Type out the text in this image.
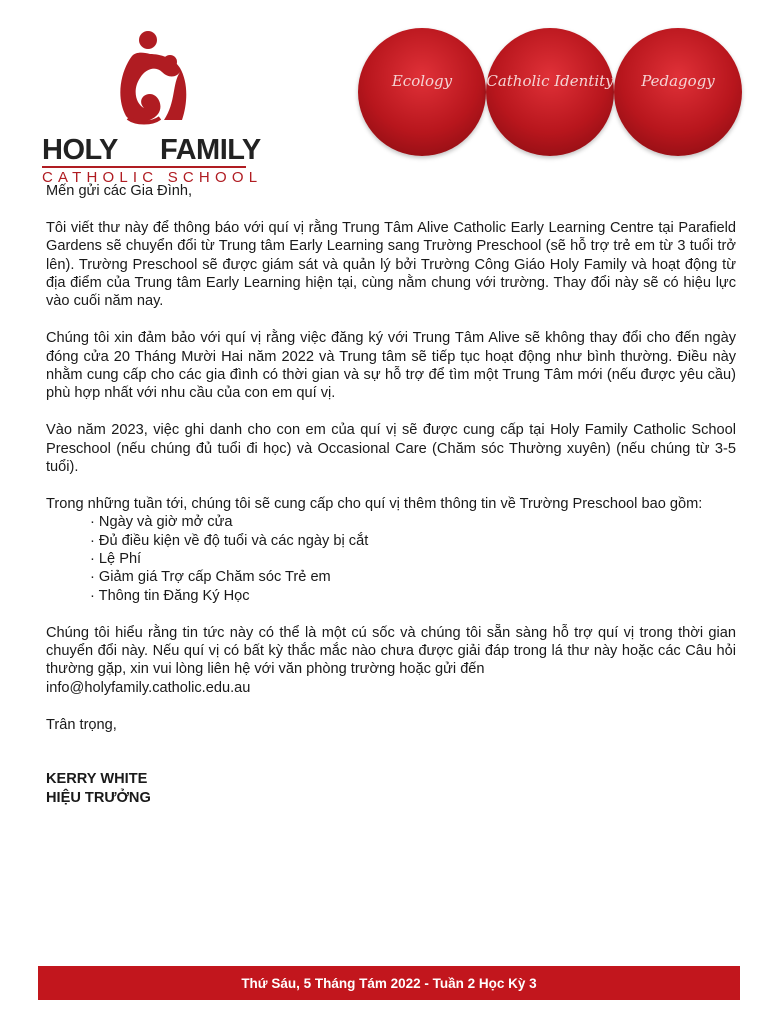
HOLY FAMILY
CATHOLIC SCHOOL
Ecology	Catholic Identity	Pedagogy

Mến gửi các Gia Đình,

Tôi viết thư này để thông báo với quí vị rằng Trung Tâm Alive Catholic Early Learning Centre tại Parafield Gardens sẽ chuyển đổi từ Trung tâm Early Learning sang Trường Preschool (sẽ hỗ trợ trẻ em từ 3 tuổi trở lên). Trường Preschool sẽ được giám sát và quản lý bởi Trường Công Giáo Holy Family và hoạt động từ địa điểm của Trung tâm Early Learning hiện tại, cùng nằm chung với trường. Thay đổi này sẽ có hiệu lực vào cuối năm nay.

Chúng tôi xin đảm bảo với quí vị rằng việc đăng ký với Trung Tâm Alive sẽ không thay đổi cho đến ngày đóng cửa 20 Tháng Mười Hai năm 2022 và Trung tâm sẽ tiếp tục hoạt động như bình thường. Điều này nhằm cung cấp cho các gia đình có thời gian và sự hỗ trợ để tìm một Trung Tâm mới (nếu được yêu cầu) phù hợp nhất với nhu cầu của con em quí vị.

Vào năm 2023, việc ghi danh cho con em của quí vị sẽ được cung cấp tại Holy Family Catholic School Preschool (nếu chúng đủ tuổi đi học) và Occasional Care (Chăm sóc Thường xuyên) (nếu chúng từ 3-5 tuổi).

Trong những tuần tới, chúng tôi sẽ cung cấp cho quí vị thêm thông tin về Trường Preschool bao gồm:

· Ngày và giờ mở cửa
· Đủ điều kiện về độ tuổi và các ngày bị cắt
· Lệ Phí
· Giảm giá Trợ cấp Chăm sóc Trẻ em
· Thông tin Đăng Ký Học

Chúng tôi hiểu rằng tin tức này có thể là một cú sốc và chúng tôi sẵn sàng hỗ trợ quí vị trong thời gian chuyển đổi này. Nếu quí vị có bất kỳ thắc mắc nào chưa được giải đáp trong lá thư này hoặc các Câu hỏi thường gặp, xin vui lòng liên hệ với văn phòng trường hoặc gửi đến

info@holyfamily.catholic.edu.au

Trân trọng,

KERRY WHITE
HIỆU TRƯỞNG
Thứ Sáu, 5 Tháng Tám 2022 - Tuần 2 Học Kỳ 3
